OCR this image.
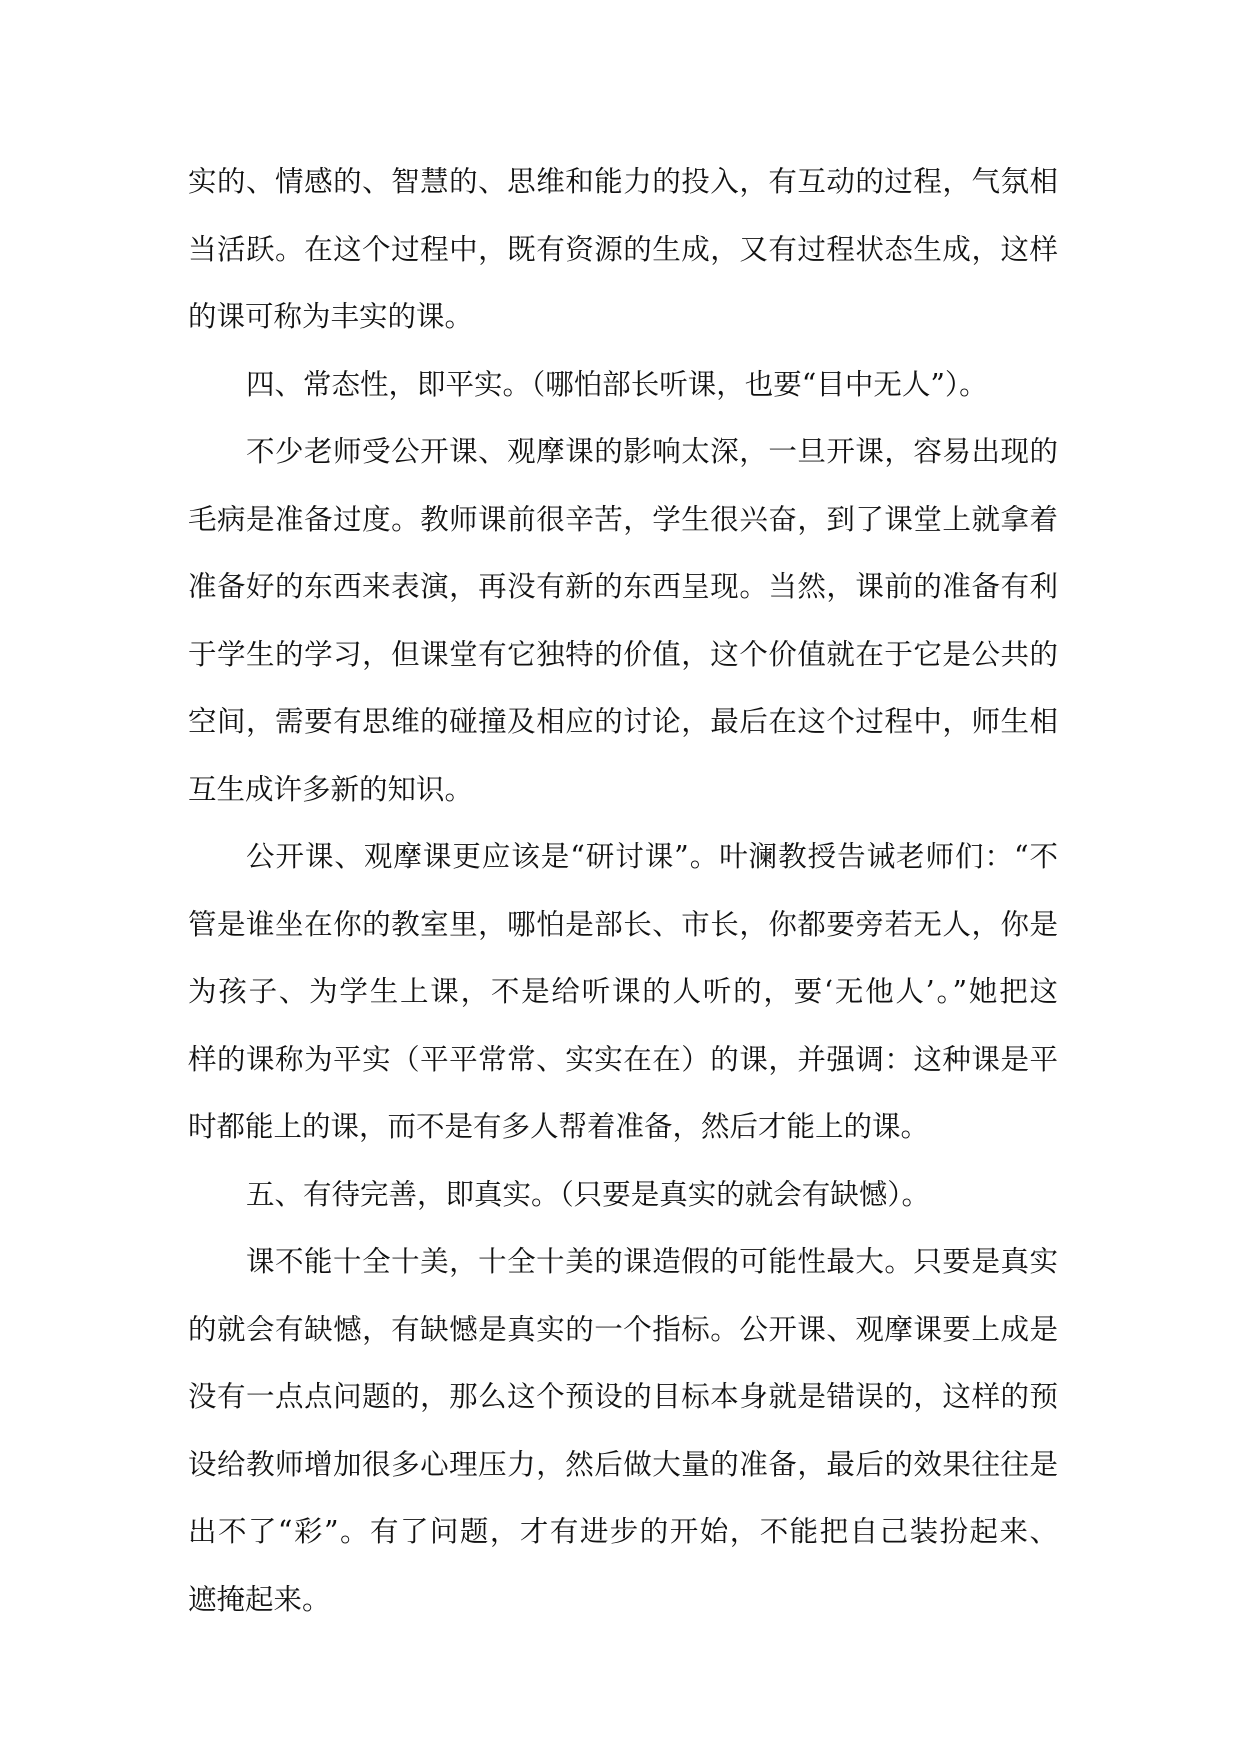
实的、情感的、智慧的、思维和能力的投入，有互动的过程，气氛相
当活跃。在这个过程中，既有资源的生成，又有过程状态生成，这样
的课可称为丰实的课。
四、常态性，即平实。（哪怕部长听课，也要“目中无人”）。
不少老师受公开课、观摩课的影响太深，一旦开课，容易出现的
毛病是准备过度。教师课前很辛苦，学生很兴奋，到了课堂上就拿着
准备好的东西来表演，再没有新的东西呈现。当然，课前的准备有利
于学生的学习，但课堂有它独特的价值，这个价值就在于它是公共的
空间，需要有思维的碰撞及相应的讨论，最后在这个过程中，师生相
互生成许多新的知识。
公开课、观摩课更应该是“研讨课”。叶澜教授告诫老师们：“不
管是谁坐在你的教室里，哪怕是部长、市长，你都要旁若无人，你是
为孩子、为学生上课，不是给听课的人听的，要‘无他人’。”她把这
样的课称为平实（平平常常、实实在在）的课，并强调：这种课是平
时都能上的课，而不是有多人帮着准备，然后才能上的课。
五、有待完善，即真实。（只要是真实的就会有缺憾）。
课不能十全十美，十全十美的课造假的可能性最大。只要是真实
的就会有缺憾，有缺憾是真实的一个指标。公开课、观摩课要上成是
没有一点点问题的，那么这个预设的目标本身就是错误的，这样的预
设给教师增加很多心理压力，然后做大量的准备，最后的效果往往是
出不了“彩”。有了问题，才有进步的开始，不能把自己装扮起来、
遮掩起来。
